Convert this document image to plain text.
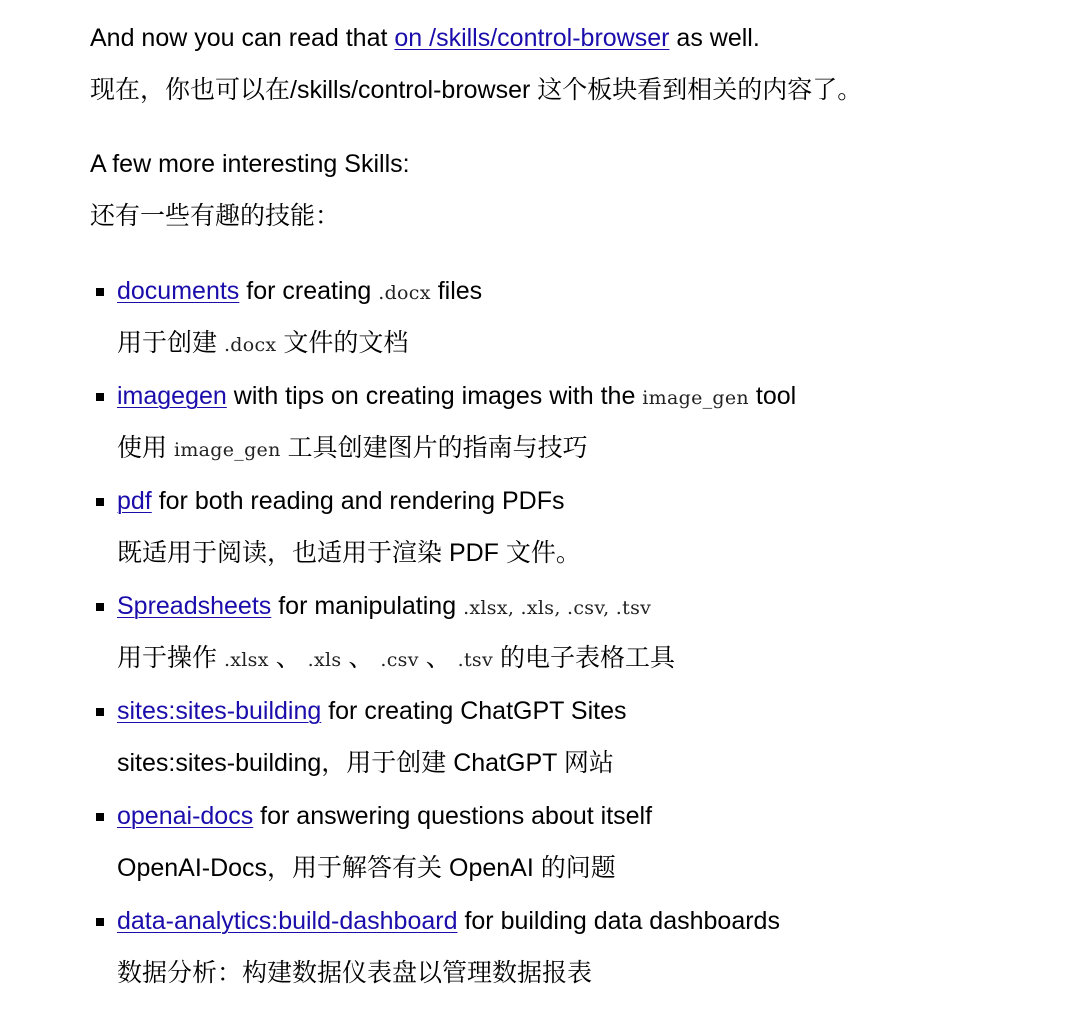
And now you can read that on /skills/control-browser as well.
现在，你也可以在/skills/control-browser 这个板块看到相关的内容了。
A few more interesting Skills:
还有一些有趣的技能：
documents for creating .docx files
用于创建 .docx 文件的文档
imagegen with tips on creating images with the image_gen tool
使用 image_gen 工具创建图片的指南与技巧
pdf for both reading and rendering PDFs
既适用于阅读，也适用于渲染 PDF 文件。
Spreadsheets for manipulating .xlsx, .xls, .csv, .tsv
用于操作 .xlsx 、 .xls 、 .csv 、 .tsv 的电子表格工具
sites:sites-building for creating ChatGPT Sites
sites:sites-building，用于创建 ChatGPT 网站
openai-docs for answering questions about itself
OpenAI-Docs，用于解答有关 OpenAI 的问题
data-analytics:build-dashboard for building data dashboards
数据分析：构建数据仪表盘以管理数据报表
